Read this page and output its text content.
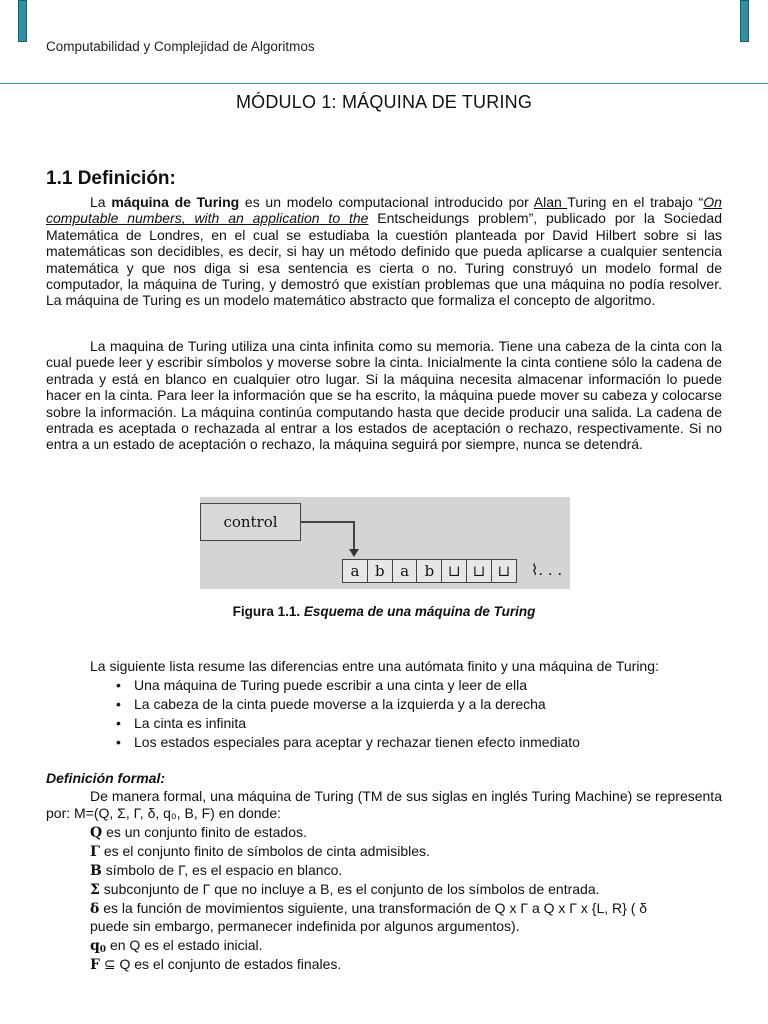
Computabilidad y Complejidad de Algoritmos
MÓDULO 1: MÁQUINA DE TURING
1.1 Definición:
La máquina de Turing es un modelo computacional introducido por Alan Turing en el trabajo “On computable numbers, with an application to the Entscheidungs problem”, publicado por la Sociedad Matemática de Londres, en el cual se estudiaba la cuestión planteada por David Hilbert sobre si las matemáticas son decidibles, es decir, si hay un método definido que pueda aplicarse a cualquier sentencia matemática y que nos diga si esa sentencia es cierta o no. Turing construyó un modelo formal de computador, la máquina de Turing, y demostró que existían problemas que una máquina no podía resolver. La máquina de Turing es un modelo matemático abstracto que formaliza el concepto de algoritmo.
La maquina de Turing utiliza una cinta infinita como su memoria. Tiene una cabeza de la cinta con la cual puede leer y escribir símbolos y moverse sobre la cinta. Inicialmente la cinta contiene sólo la cadena de entrada y está en blanco en cualquier otro lugar. Si la máquina necesita almacenar información lo puede hacer en la cinta. Para leer la información que se ha escrito, la máquina puede mover su cabeza y colocarse sobre la información. La máquina continúa computando hasta que decide producir una salida. La cadena de entrada es aceptada o rechazada al entrar a los estados de aceptación o rechazo, respectivamente. Si no entra a un estado de aceptación o rechazo, la máquina seguirá por siempre, nunca se detendrá.
control
a	b	a	b ⊔ ⊔ ⊔	⌇. . .
Figura 1.1. Esquema de una máquina de Turing
La siguiente lista resume las diferencias entre una autómata finito y una máquina de Turing:
• Una máquina de Turing puede escribir a una cinta y leer de ella
• La cabeza de la cinta puede moverse a la izquierda y a la derecha
• La cinta es infinita
• Los estados especiales para aceptar y rechazar tienen efecto inmediato
Definición formal:
De manera formal, una máquina de Turing (TM de sus siglas en inglés Turing Machine) se representa por: M=(Q, Σ, Γ, δ, q₀, B, F) en donde:
Q es un conjunto finito de estados.
Γ es el conjunto finito de símbolos de cinta admisibles.
B símbolo de Γ, es el espacio en blanco.
Σ subconjunto de Γ que no incluye a B, es el conjunto de los símbolos de entrada.
δ es la función de movimientos siguiente, una transformación de Q x Γ a Q x Γ x {L, R} ( δ
puede sin embargo, permanecer indefinida por algunos argumentos).
$q_0$ en Q es el estado inicial.
F ⊆ Q es el conjunto de estados finales.
